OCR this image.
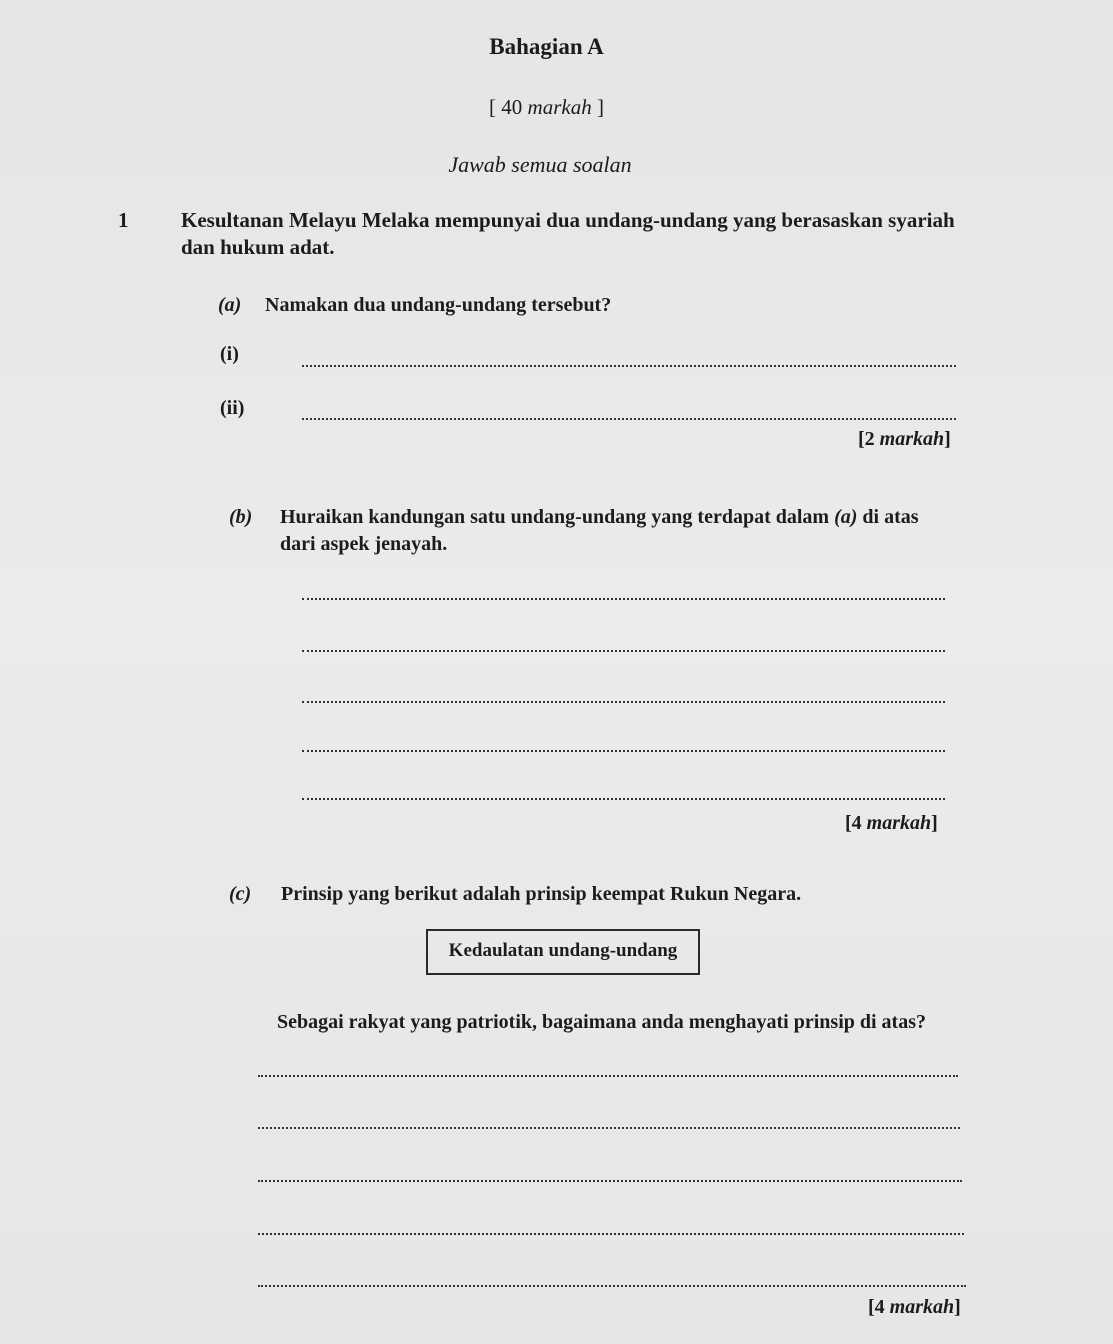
Bahagian A
[ 40 markah ]
Jawab semua soalan
1	Kesultanan Melayu Melaka mempunyai dua undang-undang yang berasaskan syariah
dan hukum adat.
(a) Namakan dua undang-undang tersebut?
(i)
(ii)
[2 markah]
(b) Huraikan kandungan satu undang-undang yang terdapat dalam (a) di atas
dari aspek jenayah.
[4 markah]
(c) Prinsip yang berikut adalah prinsip keempat Rukun Negara.
Kedaulatan undang-undang
Sebagai rakyat yang patriotik, bagaimana anda menghayati prinsip di atas?
[4 markah]
